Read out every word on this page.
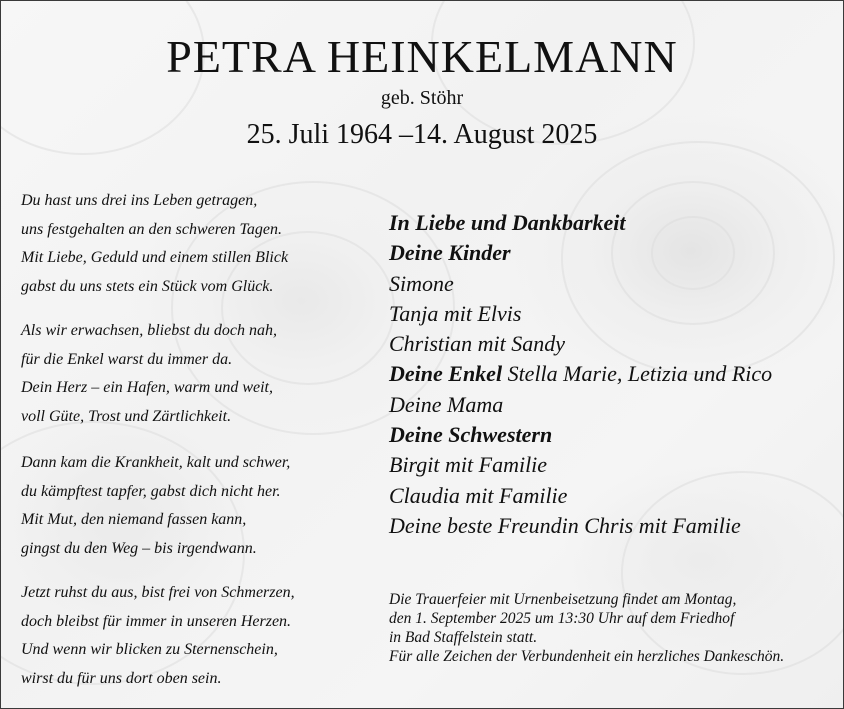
PETRA HEINKELMANN
geb. Stöhr
25. Juli 1964 –14. August 2025
Du hast uns drei ins Leben getragen,
uns festgehalten an den schweren Tagen.
Mit Liebe, Geduld und einem stillen Blick
gabst du uns stets ein Stück vom Glück.
Als wir erwachsen, bliebst du doch nah,
für die Enkel warst du immer da.
Dein Herz – ein Hafen, warm und weit,
voll Güte, Trost und Zärtlichkeit.
Dann kam die Krankheit, kalt und schwer,
du kämpftest tapfer, gabst dich nicht her.
Mit Mut, den niemand fassen kann,
gingst du den Weg – bis irgendwann.
Jetzt ruhst du aus, bist frei von Schmerzen,
doch bleibst für immer in unseren Herzen.
Und wenn wir blicken zu Sternenschein,
wirst du für uns dort oben sein.
In Liebe und Dankbarkeit
Deine Kinder
Simone
Tanja mit Elvis
Christian mit Sandy
Deine Enkel Stella Marie, Letizia und Rico
Deine Mama
Deine Schwestern
Birgit mit Familie
Claudia mit Familie
Deine beste Freundin Chris mit Familie
Die Trauerfeier mit Urnenbeisetzung findet am Montag,
den 1. September 2025 um 13:30 Uhr auf dem Friedhof
in Bad Staffelstein statt.
Für alle Zeichen der Verbundenheit ein herzliches Dankeschön.
